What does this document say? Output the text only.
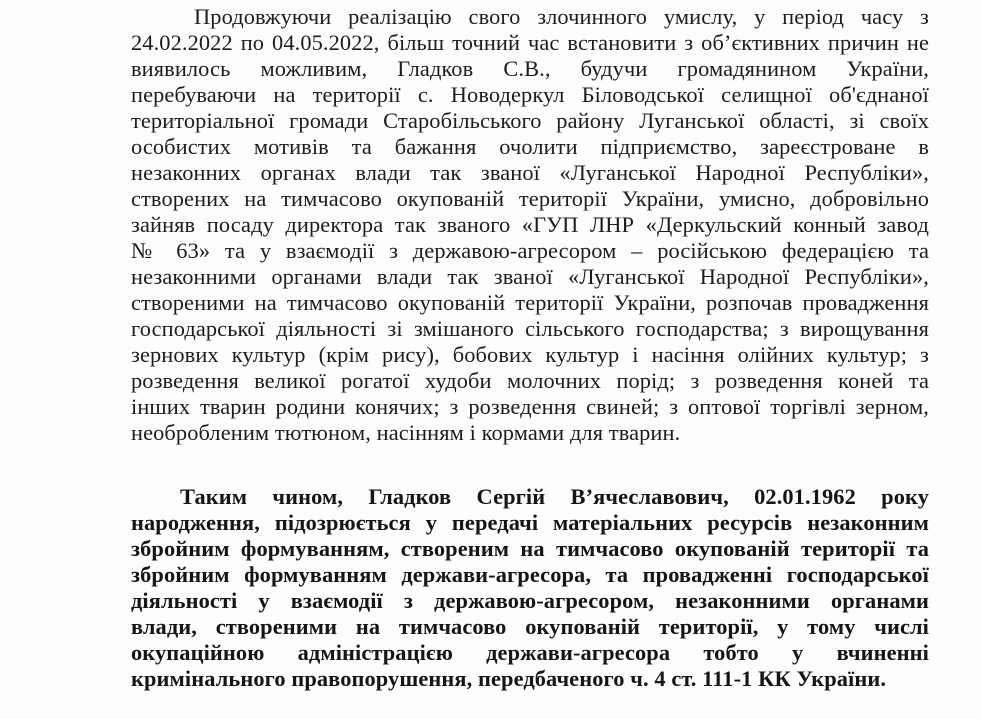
Продовжуючи реалізацію свого злочинного умислу, у період часу з
24.02.2022 по 04.05.2022, більш точний час встановити з об’єктивних причин не
виявилось можливим, Гладков С.В., будучи громадянином України,
перебуваючи на території с. Новодеркул Біловодської селищної об'єднаної
територіальної громади Старобільського району Луганської області, зі своїх
особистих мотивів та бажання очолити підприємство, зареєстроване в
незаконних органах влади так званої «Луганської Народної Республіки»,
створених на тимчасово окупованій території України, умисно, добровільно
зайняв посаду директора так званого «ГУП ЛНР «Деркульский конный завод
№ 63» та у взаємодії з державою-агресором – російською федерацією та
незаконними органами влади так званої «Луганської Народної Республіки»,
створеними на тимчасово окупованій території України, розпочав провадження
господарської діяльності зі змішаного сільського господарства; з вирощування
зернових культур (крім рису), бобових культур і насіння олійних культур; з
розведення великої рогатої худоби молочних порід; з розведення коней та
інших тварин родини конячих; з розведення свиней; з оптової торгівлі зерном,
необробленим тютюном, насінням і кормами для тварин.
Таким чином, Гладков Сергій В’ячеславович, 02.01.1962 року
народження, підозрюється у передачі матеріальних ресурсів незаконним
збройним формуванням, створеним на тимчасово окупованій території та
збройним формуванням держави-агресора, та провадженні господарської
діяльності у взаємодії з державою-агресором, незаконними органами
влади, створеними на тимчасово окупованій території, у тому числі
окупаційною адміністрацією держави-агресора тобто у вчиненні
кримінального правопорушення, передбаченого ч. 4 ст. 111-1 КК України.
